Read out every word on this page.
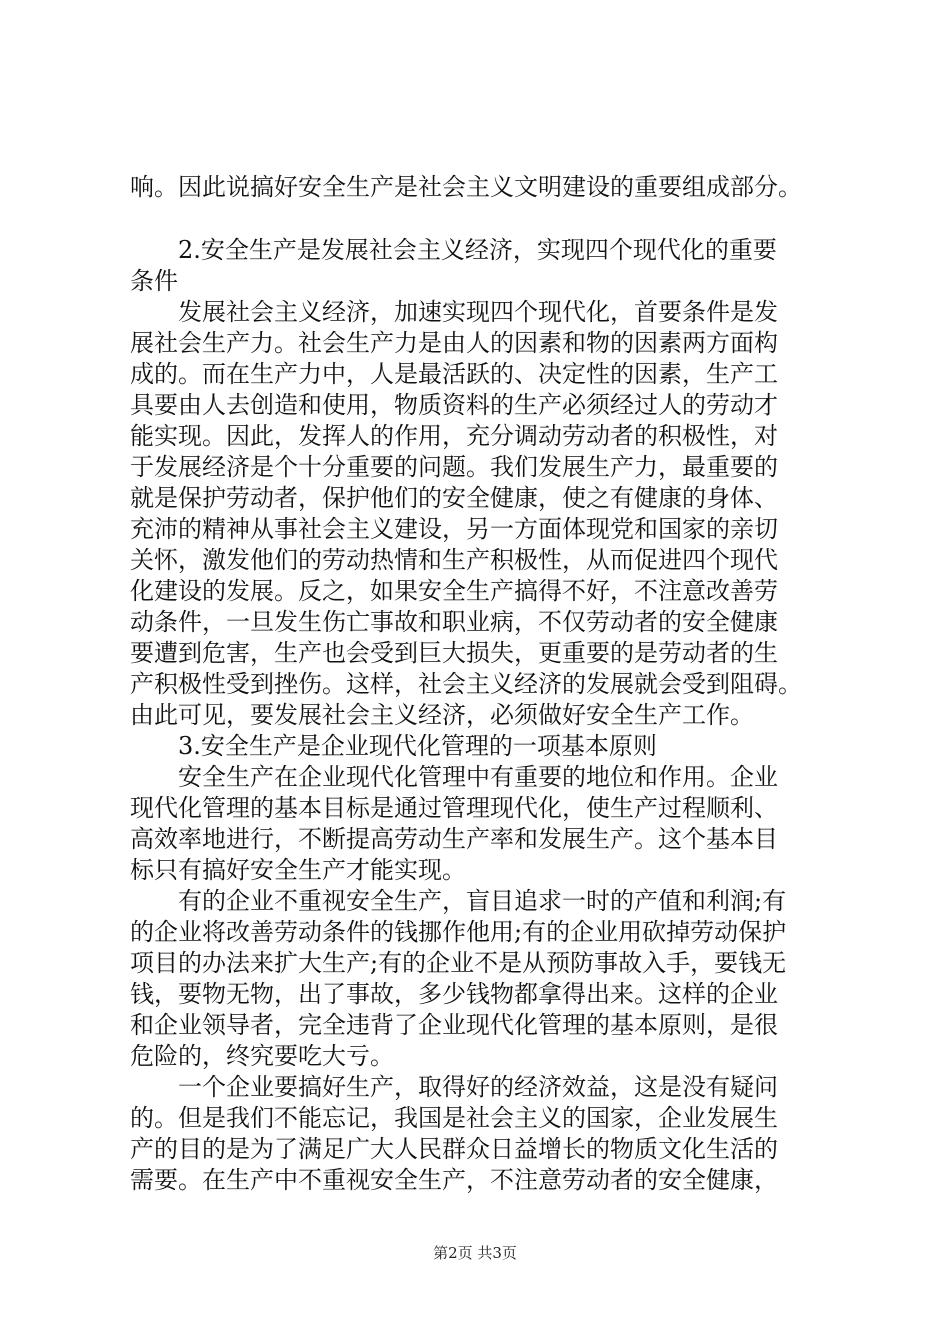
响。因此说搞好安全生产是社会主义文明建设的重要组成部分。
　　2.安全生产是发展社会主义经济，实现四个现代化的重要
条件
　　发展社会主义经济，加速实现四个现代化，首要条件是发
展社会生产力。社会生产力是由人的因素和物的因素两方面构
成的。而在生产力中，人是最活跃的、决定性的因素，生产工
具要由人去创造和使用，物质资料的生产必须经过人的劳动才
能实现。因此，发挥人的作用，充分调动劳动者的积极性，对
于发展经济是个十分重要的问题。我们发展生产力，最重要的
就是保护劳动者，保护他们的安全健康，使之有健康的身体、
充沛的精神从事社会主义建设，另一方面体现党和国家的亲切
关怀，激发他们的劳动热情和生产积极性，从而促进四个现代
化建设的发展。反之，如果安全生产搞得不好，不注意改善劳
动条件，一旦发生伤亡事故和职业病，不仅劳动者的安全健康
要遭到危害，生产也会受到巨大损失，更重要的是劳动者的生
产积极性受到挫伤。这样，社会主义经济的发展就会受到阻碍。
由此可见，要发展社会主义经济，必须做好安全生产工作。
　　3.安全生产是企业现代化管理的一项基本原则
　　安全生产在企业现代化管理中有重要的地位和作用。企业
现代化管理的基本目标是通过管理现代化，使生产过程顺利、
高效率地进行，不断提高劳动生产率和发展生产。这个基本目
标只有搞好安全生产才能实现。
　　有的企业不重视安全生产，盲目追求一时的产值和利润;有
的企业将改善劳动条件的钱挪作他用;有的企业用砍掉劳动保护
项目的办法来扩大生产;有的企业不是从预防事故入手，要钱无
钱，要物无物，出了事故，多少钱物都拿得出来。这样的企业
和企业领导者，完全违背了企业现代化管理的基本原则，是很
危险的，终究要吃大亏。
　　一个企业要搞好生产，取得好的经济效益，这是没有疑问
的。但是我们不能忘记，我国是社会主义的国家，企业发展生
产的目的是为了满足广大人民群众日益增长的物质文化生活的
需要。在生产中不重视安全生产，不注意劳动者的安全健康，
第2页 共3页
